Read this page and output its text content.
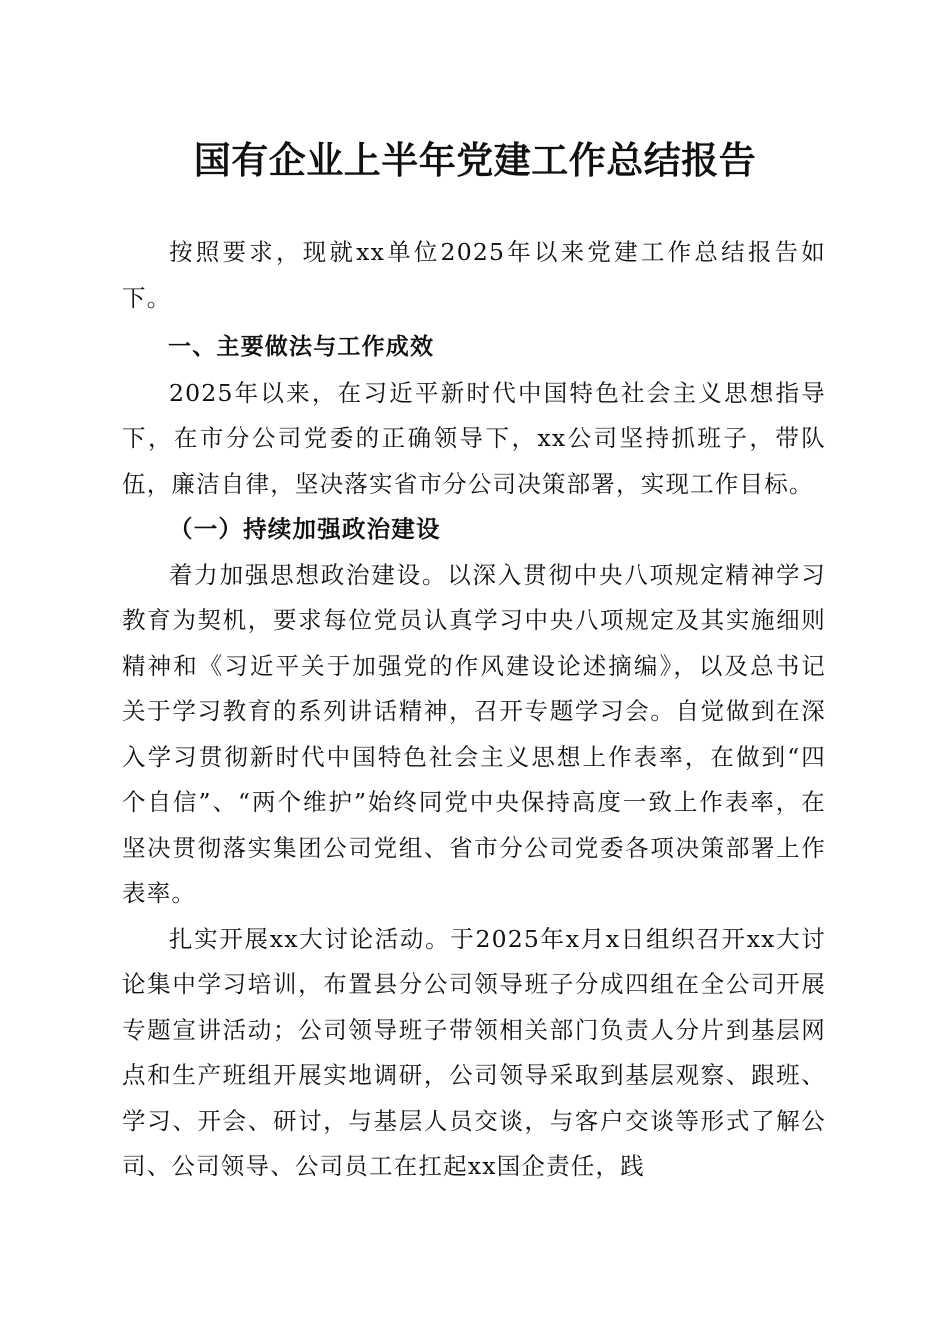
国有企业上半年党建工作总结报告

按照要求，现就xx单位2025年以来党建工作总结报告如下。

一、主要做法与工作成效

2025年以来，在习近平新时代中国特色社会主义思想指导下，在市分公司党委的正确领导下，xx公司坚持抓班子，带队伍，廉洁自律，坚决落实省市分公司决策部署，实现工作目标。

（一）持续加强政治建设

着力加强思想政治建设。以深入贯彻中央八项规定精神学习教育为契机，要求每位党员认真学习中央八项规定及其实施细则精神和《习近平关于加强党的作风建设论述摘编》，以及总书记关于学习教育的系列讲话精神，召开专题学习会。自觉做到在深入学习贯彻新时代中国特色社会主义思想上作表率，在做到“四个自信”、“两个维护”始终同党中央保持高度一致上作表率，在坚决贯彻落实集团公司党组、省市分公司党委各项决策部署上作表率。

扎实开展xx大讨论活动。于2025年x月x日组织召开xx大讨论集中学习培训，布置县分公司领导班子分成四组在全公司开展专题宣讲活动；公司领导班子带领相关部门负责人分片到基层网点和生产班组开展实地调研，公司领导采取到基层观察、跟班、学习、开会、研讨，与基层人员交谈，与客户交谈等形式了解公司、公司领导、公司员工在扛起xx国企责任，践
